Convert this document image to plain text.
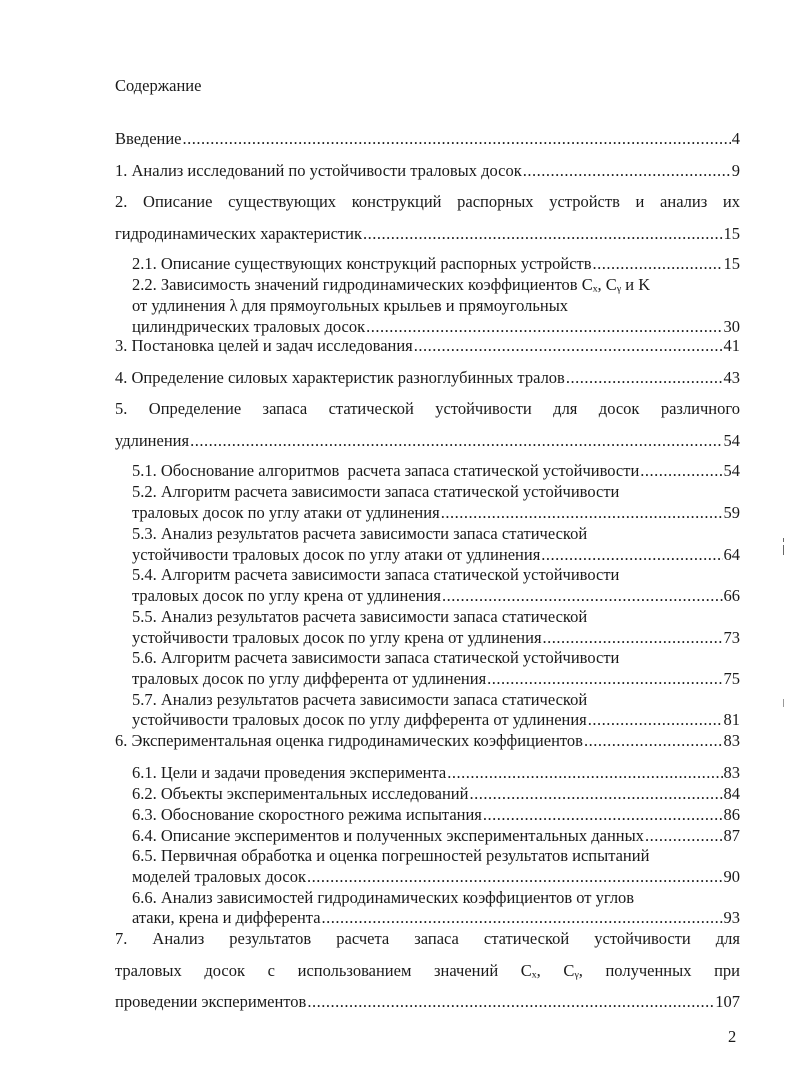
Содержание
Введение .....	4
1. Анализ исследований по устойчивости траловых досок .....	9
2. Описание существующих конструкций распорных устройств и анализ их
гидродинамических характеристик .....	15
2.1. Описание существующих конструкций распорных устройств .....	15
2.2. Зависимость значений гидродинамических коэффициентов Cₓ, Cᵧ и K
от удлинения λ для прямоугольных крыльев и прямоугольных
цилиндрических траловых досок .....	30
3. Постановка целей и задач исследования .....	41
4. Определение силовых характеристик разноглубинных тралов .....	43
5. Определение запаса статической устойчивости для досок различного
удлинения .....	54
5.1. Обоснование алгоритмов  расчета запаса статической устойчивости .....	54
5.2. Алгоритм расчета зависимости запаса статической устойчивости
траловых досок по углу атаки от удлинения .....	59
5.3. Анализ результатов расчета зависимости запаса статической
устойчивости траловых досок по углу атаки от удлинения .....	64
5.4. Алгоритм расчета зависимости запаса статической устойчивости
траловых досок по углу крена от удлинения .....	66
5.5. Анализ результатов расчета зависимости запаса статической
устойчивости траловых досок по углу крена от удлинения .....	73
5.6. Алгоритм расчета зависимости запаса статической устойчивости
траловых досок по углу дифферента от удлинения .....	75
5.7. Анализ результатов расчета зависимости запаса статической
устойчивости траловых досок по углу дифферента от удлинения .....	81
6. Экспериментальная оценка гидродинамических коэффициентов .....	83
6.1. Цели и задачи проведения эксперимента .....	83
6.2. Объекты экспериментальных исследований .....	84
6.3. Обоснование скоростного режима испытания .....	86
6.4. Описание экспериментов и полученных экспериментальных данных .....	87
6.5. Первичная обработка и оценка погрешностей результатов испытаний
моделей траловых досок .....	90
6.6. Анализ зависимостей гидродинамических коэффициентов от углов
атаки, крена и дифферента .....	93
7. Анализ результатов расчета запаса статической устойчивости для
траловых досок с использованием значений Cₓ, Cᵧ, полученных при
проведении экспериментов .....	107
2
